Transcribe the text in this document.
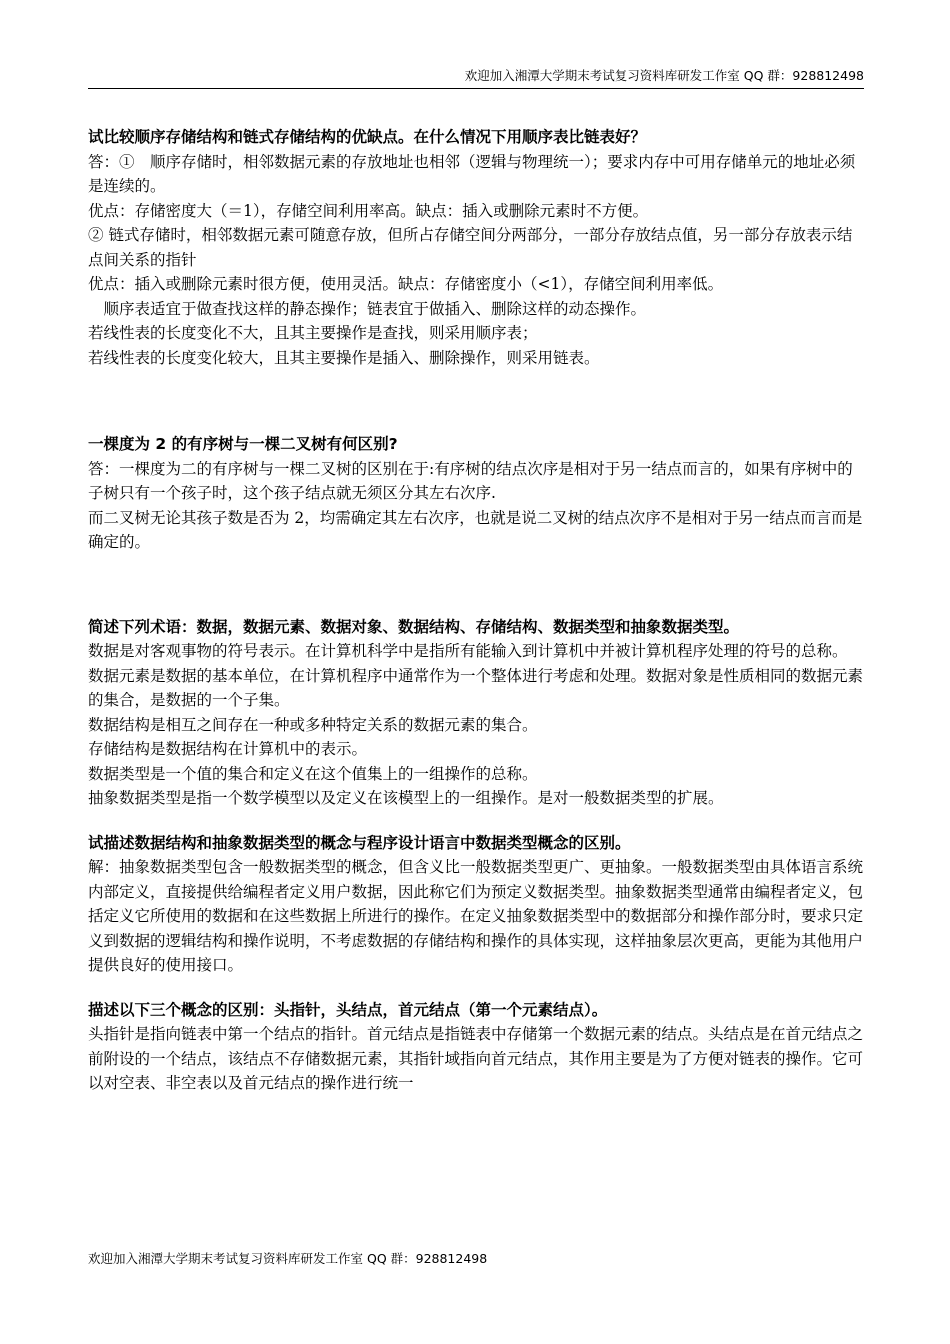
欢迎加入湘潭大学期末考试复习资料库研发工作室 QQ 群：928812498

试比较顺序存储结构和链式存储结构的优缺点。在什么情况下用顺序表比链表好？

答：①　顺序存储时，相邻数据元素的存放地址也相邻（逻辑与物理统一）；要求内存中可用存储单元的地址必须是连续的。

优点：存储密度大（＝1），存储空间利用率高。缺点：插入或删除元素时不方便。

② 链式存储时，相邻数据元素可随意存放，但所占存储空间分两部分，一部分存放结点值，另一部分存放表示结点间关系的指针

优点：插入或删除元素时很方便，使用灵活。缺点：存储密度小（<1），存储空间利用率低。

　顺序表适宜于做查找这样的静态操作；链表宜于做插入、删除这样的动态操作。

若线性表的长度变化不大，且其主要操作是查找，则采用顺序表；

若线性表的长度变化较大，且其主要操作是插入、删除操作，则采用链表。

一棵度为 2 的有序树与一棵二叉树有何区别?

答：一棵度为二的有序树与一棵二叉树的区别在于:有序树的结点次序是相对于另一结点而言的，如果有序树中的子树只有一个孩子时，这个孩子结点就无须区分其左右次序.

而二叉树无论其孩子数是否为 2，均需确定其左右次序，也就是说二叉树的结点次序不是相对于另一结点而言而是确定的。

简述下列术语：数据，数据元素、数据对象、数据结构、存储结构、数据类型和抽象数据类型。

数据是对客观事物的符号表示。在计算机科学中是指所有能输入到计算机中并被计算机程序处理的符号的总称。

数据元素是数据的基本单位，在计算机程序中通常作为一个整体进行考虑和处理。数据对象是性质相同的数据元素的集合，是数据的一个子集。

数据结构是相互之间存在一种或多种特定关系的数据元素的集合。

存储结构是数据结构在计算机中的表示。

数据类型是一个值的集合和定义在这个值集上的一组操作的总称。

抽象数据类型是指一个数学模型以及定义在该模型上的一组操作。是对一般数据类型的扩展。

试描述数据结构和抽象数据类型的概念与程序设计语言中数据类型概念的区别。

解：抽象数据类型包含一般数据类型的概念，但含义比一般数据类型更广、更抽象。一般数据类型由具体语言系统内部定义，直接提供给编程者定义用户数据，因此称它们为预定义数据类型。抽象数据类型通常由编程者定义，包括定义它所使用的数据和在这些数据上所进行的操作。在定义抽象数据类型中的数据部分和操作部分时，要求只定义到数据的逻辑结构和操作说明，不考虑数据的存储结构和操作的具体实现，这样抽象层次更高，更能为其他用户提供良好的使用接口。

描述以下三个概念的区别：头指针，头结点，首元结点（第一个元素结点）。

头指针是指向链表中第一个结点的指针。首元结点是指链表中存储第一个数据元素的结点。头结点是在首元结点之前附设的一个结点，该结点不存储数据元素，其指针域指向首元结点，其作用主要是为了方便对链表的操作。它可以对空表、非空表以及首元结点的操作进行统一

欢迎加入湘潭大学期末考试复习资料库研发工作室 QQ 群：928812498
